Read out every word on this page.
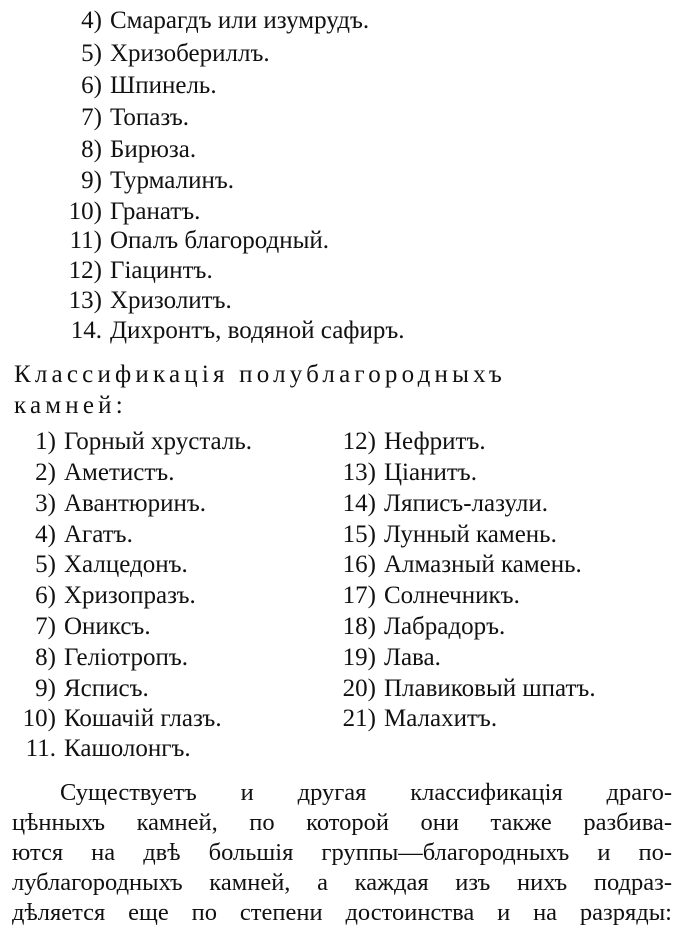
4) Смарагдъ или изумрудъ.
5) Хризобериллъ.
6) Шпинель.
7) Топазъ.
8) Бирюза.
9) Турмалинъ.
10) Гранатъ.
11) Опалъ благородный.
12) Гіацинтъ.
13) Хризолитъ.
14. Дихронтъ, водяной сафиръ.
Классификація полублагородныхъ
камней:
1) Горный хрусталь.
2) Аметистъ.
3) Авантюринъ.
4) Агатъ.
5) Халцедонъ.
6) Хризопразъ.
7) Ониксъ.
8) Геліотропъ.
9) Ясписъ.
10) Кошачій глазъ.
11. Кашолонгъ.
12) Нефритъ.
13) Ціанитъ.
14) Ляписъ-лазули.
15) Лунный камень.
16) Алмазный камень.
17) Солнечникъ.
18) Лабрадоръ.
19) Лава.
20) Плавиковый шпатъ.
21) Малахитъ.
Существуетъ и другая классификація драго-
цѣнныхъ камней, по которой они также разбива-
ются на двѣ большія группы—благородныхъ и по-
лублагородныхъ камней, а каждая изъ нихъ подраз-
дѣляется еще по степени достоинства и на разряды:
